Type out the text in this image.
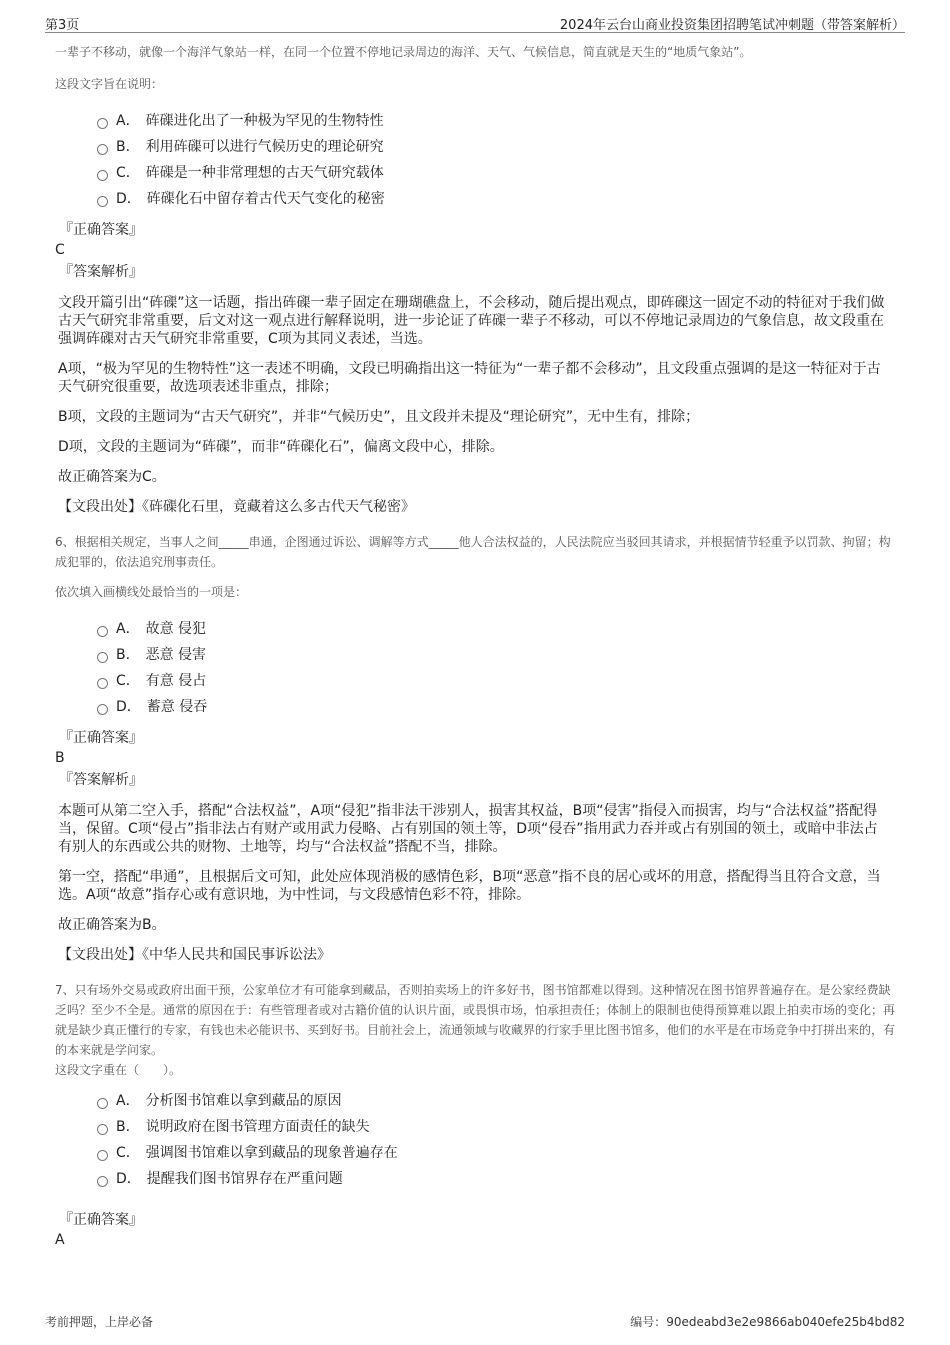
第3页	2024年云台山商业投资集团招聘笔试冲刺题（带答案解析）

一辈子不移动，就像一个海洋气象站一样，在同一个位置不停地记录周边的海洋、天气、气候信息，简直就是天生的“地质气象站”。

这段文字旨在说明：

A． 砗磲进化出了一种极为罕见的生物特性
B． 利用砗磲可以进行气候历史的理论研究
C． 砗磲是一种非常理想的古天气研究载体
D． 砗磲化石中留存着古代天气变化的秘密

『正确答案』

C

『答案解析』

文段开篇引出“砗磲”这一话题，指出砗磲一辈子固定在珊瑚礁盘上，不会移动，随后提出观点，即砗磲这一固定不动的特征对于我们做古天气研究非常重要，后文对这一观点进行解释说明，进一步论证了砗磲一辈子不移动，可以不停地记录周边的气象信息，故文段重在强调砗磲对古天气研究非常重要，C项为其同义表述，当选。

A项，“极为罕见的生物特性”这一表述不明确，文段已明确指出这一特征为“一辈子都不会移动”，且文段重点强调的是这一特征对于古天气研究很重要，故选项表述非重点，排除；

B项，文段的主题词为“古天气研究”，并非“气候历史”，且文段并未提及“理论研究”，无中生有，排除；

D项，文段的主题词为“砗磲”，而非“砗磲化石”，偏离文段中心，排除。

故正确答案为C。

【文段出处】《砗磲化石里，竟藏着这么多古代天气秘密》

6、根据相关规定，当事人之间_____串通，企图通过诉讼、调解等方式_____他人合法权益的，人民法院应当驳回其请求，并根据情节轻重予以罚款、拘留；构成犯罪的，依法追究刑事责任。

依次填入画横线处最恰当的一项是：

A． 故意 侵犯
B． 恶意 侵害
C． 有意 侵占
D． 蓄意 侵吞

『正确答案』

B

『答案解析』

本题可从第二空入手，搭配“合法权益”，A项“侵犯”指非法干涉别人，损害其权益，B项“侵害”指侵入而损害，均与“合法权益”搭配得当，保留。C项“侵占”指非法占有财产或用武力侵略、占有别国的领土等，D项“侵吞”指用武力吞并或占有别国的领土，或暗中非法占有别人的东西或公共的财物、土地等，均与“合法权益”搭配不当，排除。

第一空，搭配“串通”，且根据后文可知，此处应体现消极的感情色彩，B项“恶意”指不良的居心或坏的用意，搭配得当且符合文意，当选。A项“故意”指存心或有意识地，为中性词，与文段感情色彩不符，排除。

故正确答案为B。

【文段出处】《中华人民共和国民事诉讼法》

7、只有场外交易或政府出面干预，公家单位才有可能拿到藏品，否则拍卖场上的许多好书，图书馆都难以得到。这种情况在图书馆界普遍存在。是公家经费缺乏吗？至少不全是。通常的原因在于：有些管理者或对古籍价值的认识片面，或畏惧市场，怕承担责任；体制上的限制也使得预算难以跟上拍卖市场的变化；再就是缺少真正懂行的专家，有钱也未必能识书、买到好书。目前社会上，流通领域与收藏界的行家手里比图书馆多，他们的水平是在市场竞争中打拼出来的，有的本来就是学问家。

这段文字重在（　　）。

A． 分析图书馆难以拿到藏品的原因
B． 说明政府在图书管理方面责任的缺失
C． 强调图书馆难以拿到藏品的现象普遍存在
D． 提醒我们图书馆界存在严重问题

『正确答案』

A

考前押题，上岸必备	编号：90edeabd3e2e9866ab040efe25b4bd82
